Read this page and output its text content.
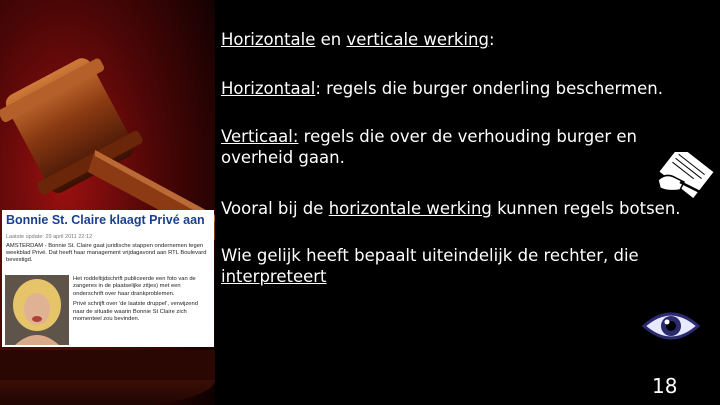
Horizontale en verticale werking:

Horizontaal: regels die burger onderling beschermen.

Verticaal: regels die over de verhouding burger en overheid gaan.

Vooral bij de horizontale werking kunnen regels botsen.

Wie gelijk heeft bepaalt uiteindelijk de rechter, die interpreteert

Bonnie St. Claire klaagt Privé aan
Laatste update: 29 april 2011 22:12
AMSTERDAM - Bonnie St. Claire gaat juridische stappen ondernemen tegen weekblad Privé. Dat heeft haar management vrijdagavond aan RTL Boulevard bevestigd.
Het roddeltijdschrift publiceerde een foto van de zangeres in de plaatselijke zitjes) met een onderschrift over haar drankproblemen.
Privé schrijft over 'de laatste druppel', verwijzend naar de situatie waarin Bonnie St Claire zich momenteel zou bevinden.
18
